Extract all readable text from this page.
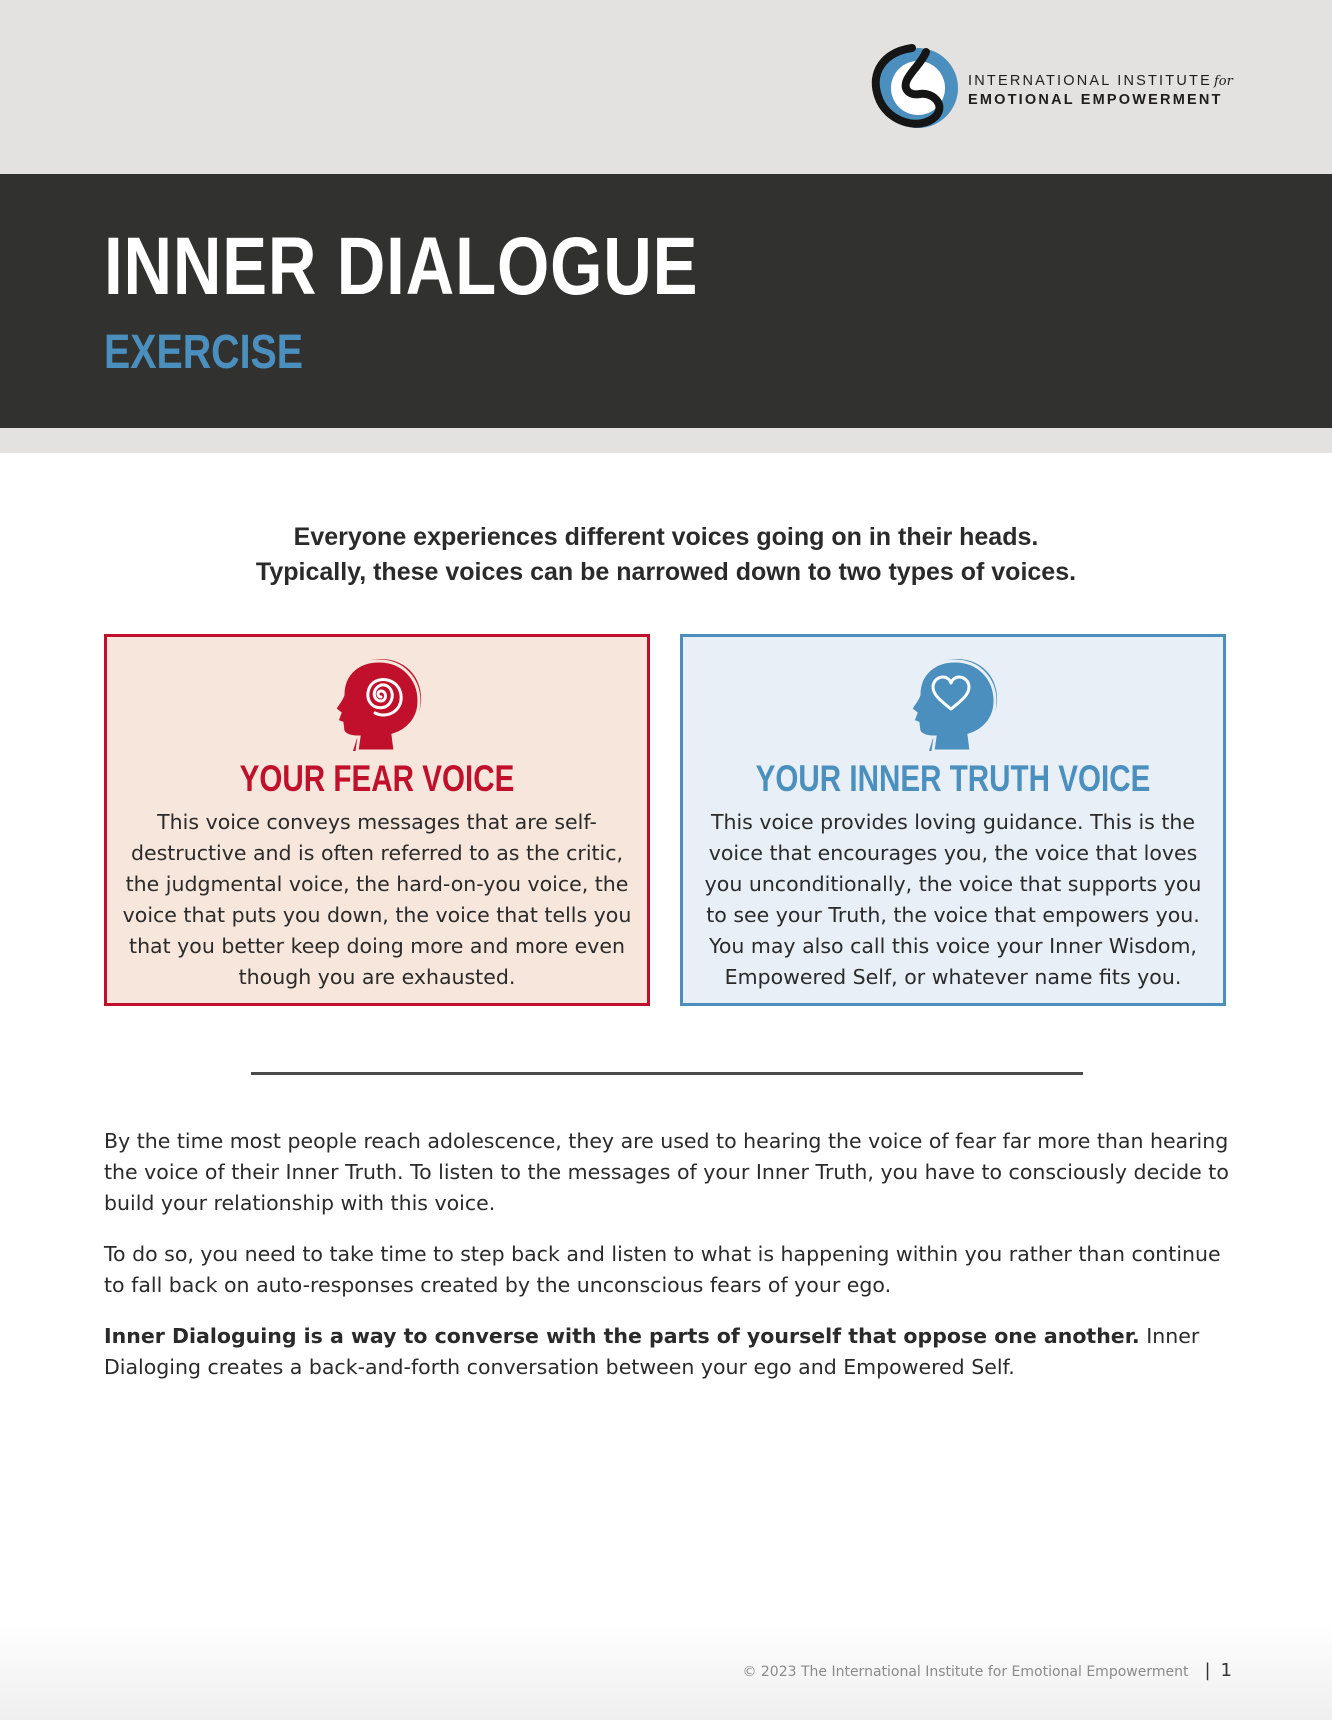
INTERNATIONAL INSTITUTE for
EMOTIONAL EMPOWERMENT
INNER DIALOGUE
EXERCISE

Everyone experiences different voices going on in their heads.

Typically, these voices can be narrowed down to two types of voices.

YOUR FEAR VOICE
This voice conveys messages that are self-destructive and is often referred to as the critic, the judgmental voice, the hard-on-you voice, the voice that puts you down, the voice that tells you that you better keep doing more and more even though you are exhausted.
YOUR INNER TRUTH VOICE
This voice provides loving guidance. This is the voice that encourages you, the voice that loves you unconditionally, the voice that supports you to see your Truth, the voice that empowers you. You may also call this voice your Inner Wisdom, Empowered Self, or whatever name fits you.

By the time most people reach adolescence, they are used to hearing the voice of fear far more than hearing the voice of their Inner Truth. To listen to the messages of your Inner Truth, you have to consciously decide to build your relationship with this voice.

To do so, you need to take time to step back and listen to what is happening within you rather than continue to fall back on auto-responses created by the unconscious fears of your ego.

Inner Dialoguing is a way to converse with the parts of yourself that oppose one another. Inner Dialoging creates a back-and-forth conversation between your ego and Empowered Self.

© 2023 The International Institute for Emotional Empowerment | 1
